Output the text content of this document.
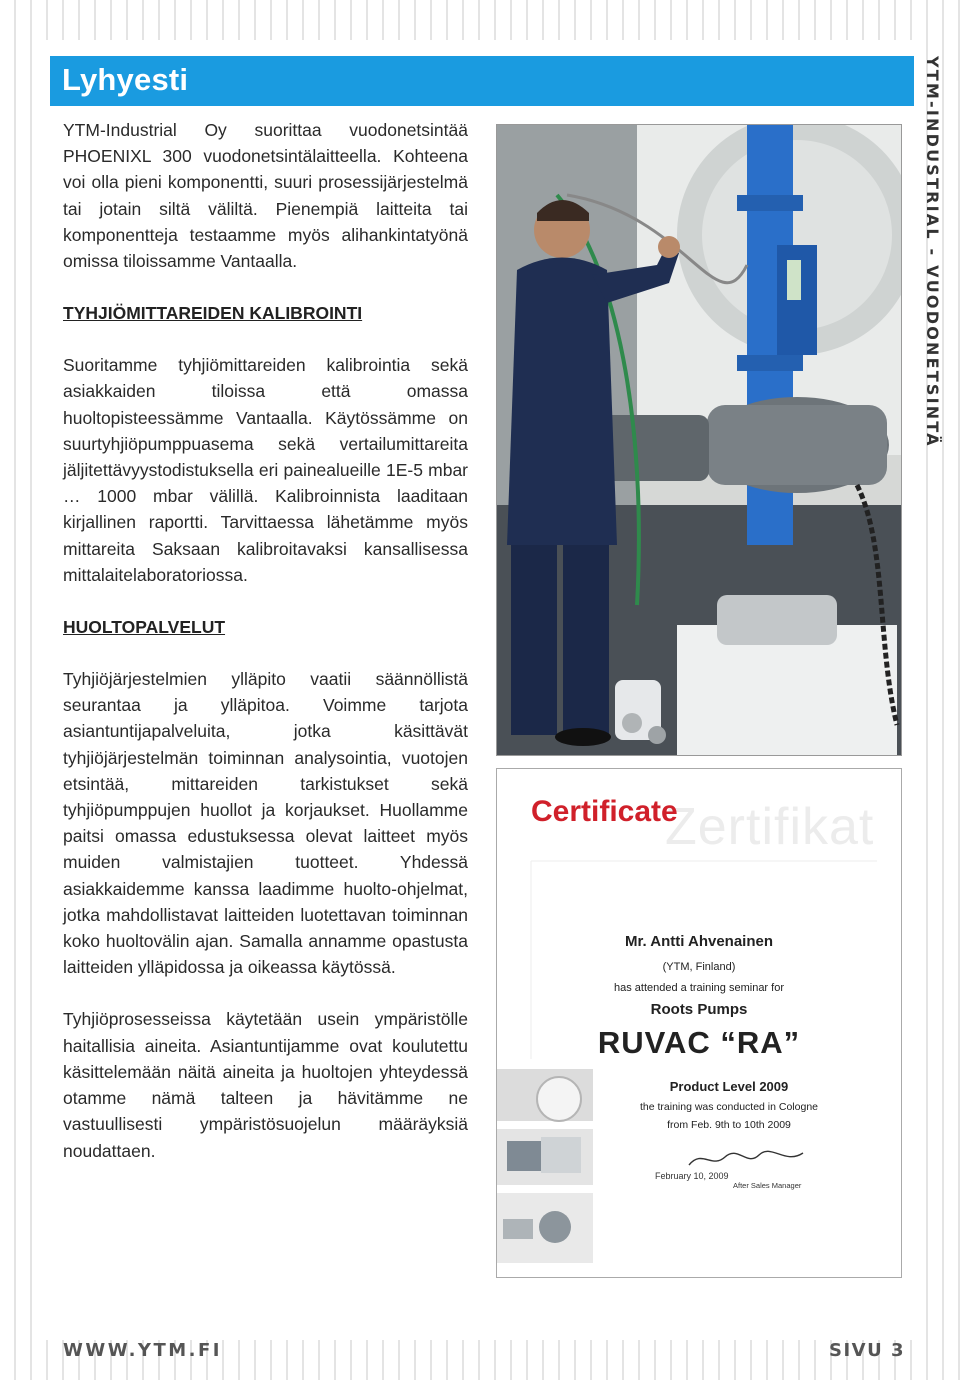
Lyhyesti	YTM-INDUSTRIAL - VUODONETSINTÄ

YTM-Industrial Oy suorittaa vuodonetsintää PHOENIXL 300 vuodonetsintälaitteella. Kohteena voi olla pieni komponentti, suuri prosessijärjestelmä tai jotain siltä väliltä. Pienempiä laitteita tai komponentteja testaamme myös alihankintatyönä omissa tiloissamme Vantaalla.

TYHJIÖMITTAREIDEN KALIBROINTI

Suoritamme tyhjiömittareiden kalibrointia sekä asiakkaiden tiloissa että omassa huoltopisteessämme Vantaalla. Käytössämme on suurtyhjiöpumppuasema sekä vertailumittareita jäljitettävyystodistuksella eri painealueille 1E-5 mbar … 1000 mbar välillä. Kalibroinnista laaditaan kirjallinen raportti. Tarvittaessa lähetämme myös mittareita Saksaan kalibroitavaksi kansallisessa mittalaitelaboratoriossa.

HUOLTOPALVELUT

Tyhjiöjärjestelmien ylläpito vaatii säännöllistä seurantaa ja ylläpitoa. Voimme tarjota asiantuntijapalveluita, jotka käsittävät tyhjiöjärjestelmän toiminnan analysointia, vuotojen etsintää, mittareiden tarkistukset sekä tyhjiöpumppujen huollot ja korjaukset. Huollamme paitsi omassa edustuksessa olevat laitteet myös muiden valmistajien tuotteet. Yhdessä asiakkaidemme kanssa laadimme huolto-ohjelmat, jotka mahdollistavat laitteiden luotettavan toiminnan koko huoltovälin ajan. Samalla annamme opastusta laitteiden ylläpidossa ja oikeassa käytössä.

Tyhjiöprosesseissa käytetään usein ympäristölle haitallisia aineita. Asiantuntijamme ovat koulutettu käsittelemään näitä aineita ja huoltojen yhteydessä otamme nämä talteen ja hävitämme ne vastuullisesti ympäristösuojelun määräyksiä noudattaen.

Zertifikat
Certificate
Mr. Antti Ahvenainen
(YTM, Finland)
has attended a training seminar for
Roots Pumps
RUVAC “RA”
Product Level 2009
the training was conducted in Cologne
from Feb. 9th to 10th 2009
February 10, 2009
After Sales Manager
WWW.YTM.FI	SIVU 3
